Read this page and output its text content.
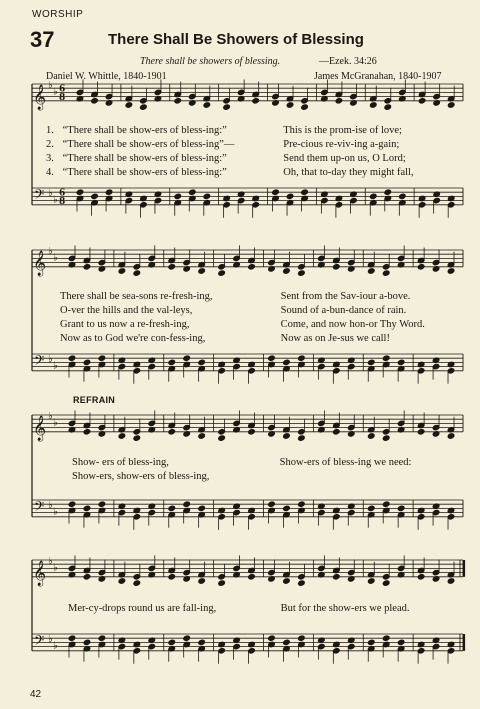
WORSHIP
37	There Shall Be Showers of Blessing
There shall be showers of blessing.	—Ezek. 34:26
Daniel W. Whittle, 1840-1901	James McGranahan, 1840-1907
𝄞
𝄢
♭
♭
♭
♭
6
8
6
8
𝄞
𝄢
♭
♭
♭
♭
𝄞
𝄢
♭
♭
♭
♭
𝄞
𝄢
♭
♭
♭
♭
1. “There shall be show-ers of bless-ing:”	This is the prom-ise of love;
2. “There shall be show-ers of bless-ing”—	Pre-cious re-viv-ing a-gain;
3. “There shall be show-ers of bless-ing:”	Send them up-on us, O Lord;
4. “There shall be show-ers of bless-ing:”	Oh, that to-day they might fall,
There shall be sea-sons re-fresh-ing,	Sent from the Sav-iour a-bove.
O-ver the hills and the val-leys,	Sound of a-bun-dance of rain.
Grant to us now a re-fresh-ing,	Come, and now hon-or Thy Word.
Now as to God we're con-fess-ing,	Now as on Je-sus we call!
REFRAIN
Show- ers of bless-ing,	Show-ers of bless-ing we need:
Show-ers, show-ers of bless-ing,
Mer-cy-drops round us are fall-ing,	But for the show-ers we plead.
42
